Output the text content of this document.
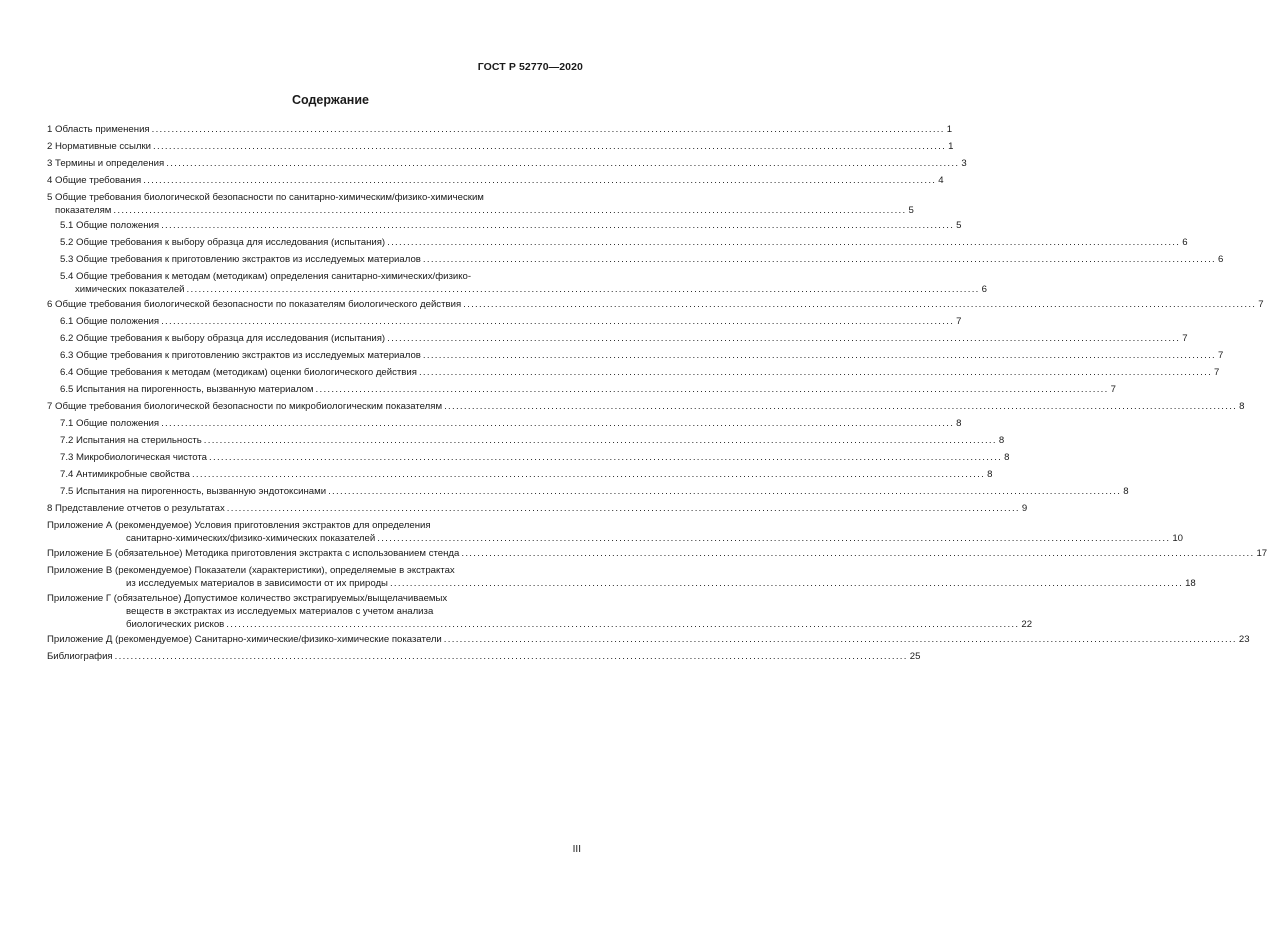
ГОСТ Р 52770—2020
Содержание
1 Область применения ........................................................................................................................................................................................................ 1
2 Нормативные ссылки ........................................................................................................................................................................................................ 1
3 Термины и определения ........................................................................................................................................................................................................ 3
4 Общие требования ........................................................................................................................................................................................................ 4
5 Общие требования биологической безопасности по санитарно-химическим/физико-химическим
показателям ........................................................................................................................................................................................................ 5
5.1 Общие положения ........................................................................................................................................................................................................ 5
5.2 Общие требования к выбору образца для исследования (испытания) ........................................................................................................................................................................................................ 6
5.3 Общие требования к приготовлению экстрактов из исследуемых материалов ........................................................................................................................................................................................................ 6
5.4 Общие требования к методам (методикам) определения санитарно-химических/физико-
химических показателей ........................................................................................................................................................................................................ 6
6 Общие требования биологической безопасности по показателям биологического действия ........................................................................................................................................................................................................ 7
6.1 Общие положения ........................................................................................................................................................................................................ 7
6.2 Общие требования к выбору образца для исследования (испытания) ........................................................................................................................................................................................................ 7
6.3 Общие требования к приготовлению экстрактов из исследуемых материалов ........................................................................................................................................................................................................ 7
6.4 Общие требования к методам (методикам) оценки биологического действия ........................................................................................................................................................................................................ 7
6.5 Испытания на пирогенность, вызванную материалом ........................................................................................................................................................................................................ 7
7 Общие требования биологической безопасности по микробиологическим показателям ........................................................................................................................................................................................................ 8
7.1 Общие положения ........................................................................................................................................................................................................ 8
7.2 Испытания на стерильность ........................................................................................................................................................................................................ 8
7.3 Микробиологическая чистота ........................................................................................................................................................................................................ 8
7.4 Антимикробные свойства ........................................................................................................................................................................................................ 8
7.5 Испытания на пирогенность, вызванную эндотоксинами ........................................................................................................................................................................................................ 8
8 Представление отчетов о результатах ........................................................................................................................................................................................................ 9
Приложение А (рекомендуемое) Условия приготовления экстрактов для определения
санитарно-химических/физико-химических показателей ........................................................................................................................................................................................................ 10
Приложение Б (обязательное) Методика приготовления экстракта с использованием стенда ........................................................................................................................................................................................................ 17
Приложение В (рекомендуемое) Показатели (характеристики), определяемые в экстрактах
из исследуемых материалов в зависимости от их природы ........................................................................................................................................................................................................ 18
Приложение Г (обязательное) Допустимое количество экстрагируемых/выщелачиваемых
веществ в экстрактах из исследуемых материалов с учетом анализа
биологических рисков ........................................................................................................................................................................................................ 22
Приложение Д (рекомендуемое) Санитарно-химические/физико-химические показатели ........................................................................................................................................................................................................ 23
Библиография ........................................................................................................................................................................................................ 25
III
